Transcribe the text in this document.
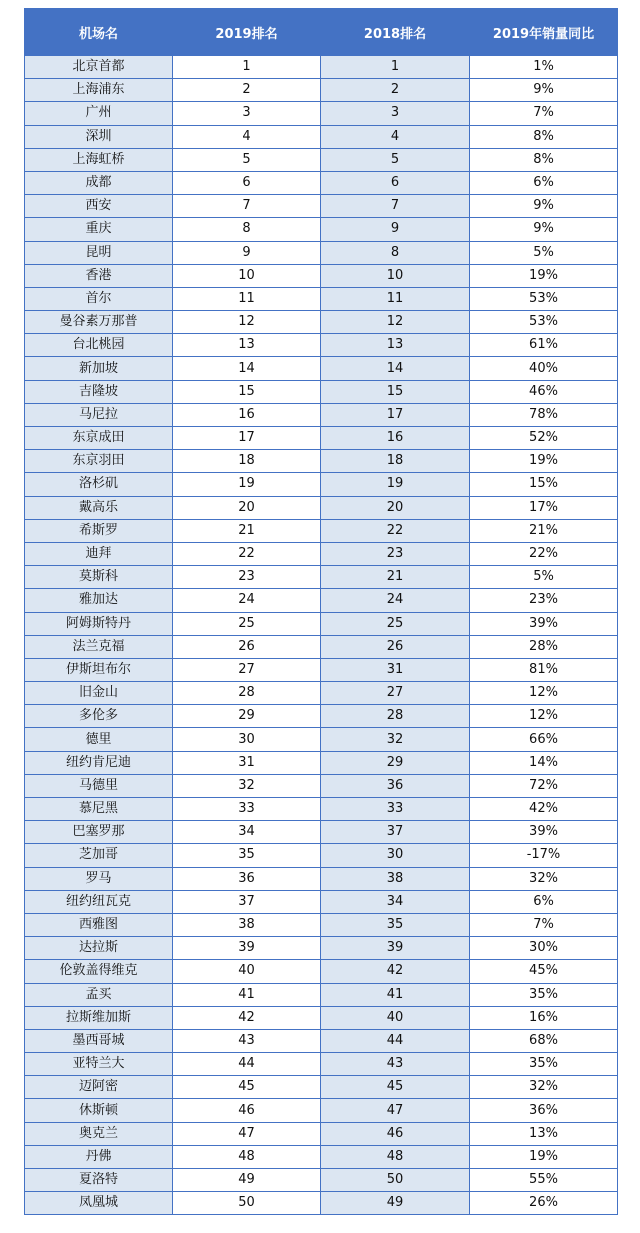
机场名	2019排名	2018排名	2019年销量同比
北京首都	1	1	1%
上海浦东	2	2	9%
广州	3	3	7%
深圳	4	4	8%
上海虹桥	5	5	8%
成都	6	6	6%
西安	7	7	9%
重庆	8	9	9%
昆明	9	8	5%
香港	10	10	19%
首尔	11	11	53%
曼谷素万那普	12	12	53%
台北桃园	13	13	61%
新加坡	14	14	40%
吉隆坡	15	15	46%
马尼拉	16	17	78%
东京成田	17	16	52%
东京羽田	18	18	19%
洛杉矶	19	19	15%
戴高乐	20	20	17%
希斯罗	21	22	21%
迪拜	22	23	22%
莫斯科	23	21	5%
雅加达	24	24	23%
阿姆斯特丹	25	25	39%
法兰克福	26	26	28%
伊斯坦布尔	27	31	81%
旧金山	28	27	12%
多伦多	29	28	12%
德里	30	32	66%
纽约肯尼迪	31	29	14%
马德里	32	36	72%
慕尼黑	33	33	42%
巴塞罗那	34	37	39%
芝加哥	35	30	-17%
罗马	36	38	32%
纽约纽瓦克	37	34	6%
西雅图	38	35	7%
达拉斯	39	39	30%
伦敦盖得维克	40	42	45%
孟买	41	41	35%
拉斯维加斯	42	40	16%
墨西哥城	43	44	68%
亚特兰大	44	43	35%
迈阿密	45	45	32%
休斯顿	46	47	36%
奥克兰	47	46	13%
丹佛	48	48	19%
夏洛特	49	50	55%
凤凰城	50	49	26%
